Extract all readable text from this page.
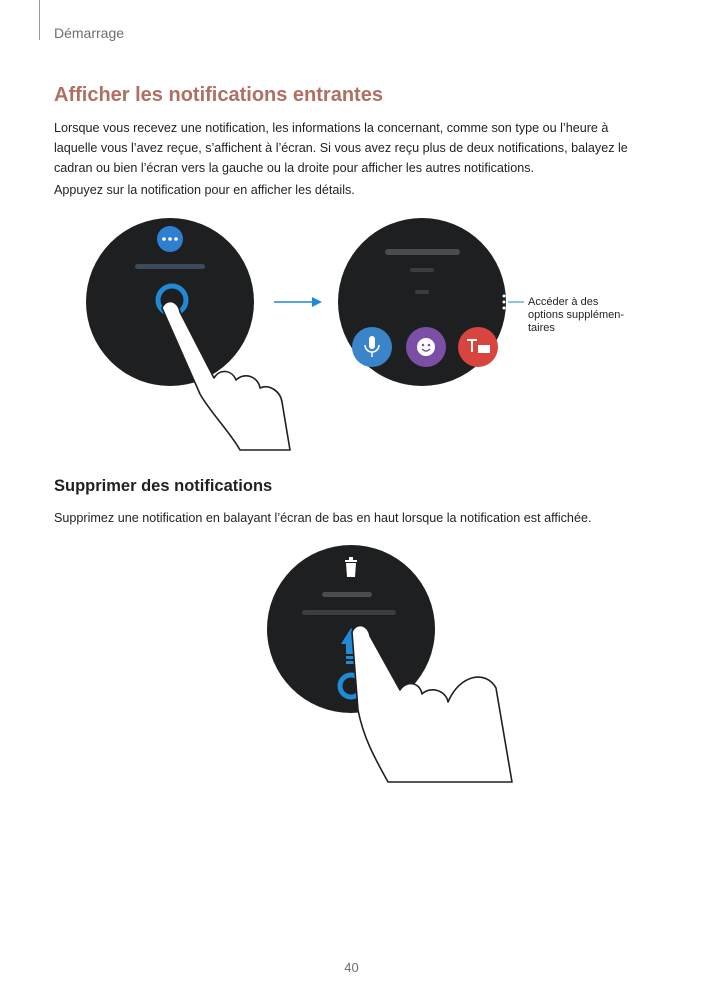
Démarrage
Afficher les notifications entrantes

Lorsque vous recevez une notification, les informations la concernant, comme son type ou l’heure à
laquelle vous l’avez reçue, s’affichent à l’écran. Si vous avez reçu plus de deux notifications, balayez le
cadran ou bien l’écran vers la gauche ou la droite pour afficher les autres notifications.

Appuyez sur la notification pour en afficher les détails.

Accéder à des
options supplémen-
taires
Supprimer des notifications

Supprimez une notification en balayant l’écran de bas en haut lorsque la notification est affichée.

40
